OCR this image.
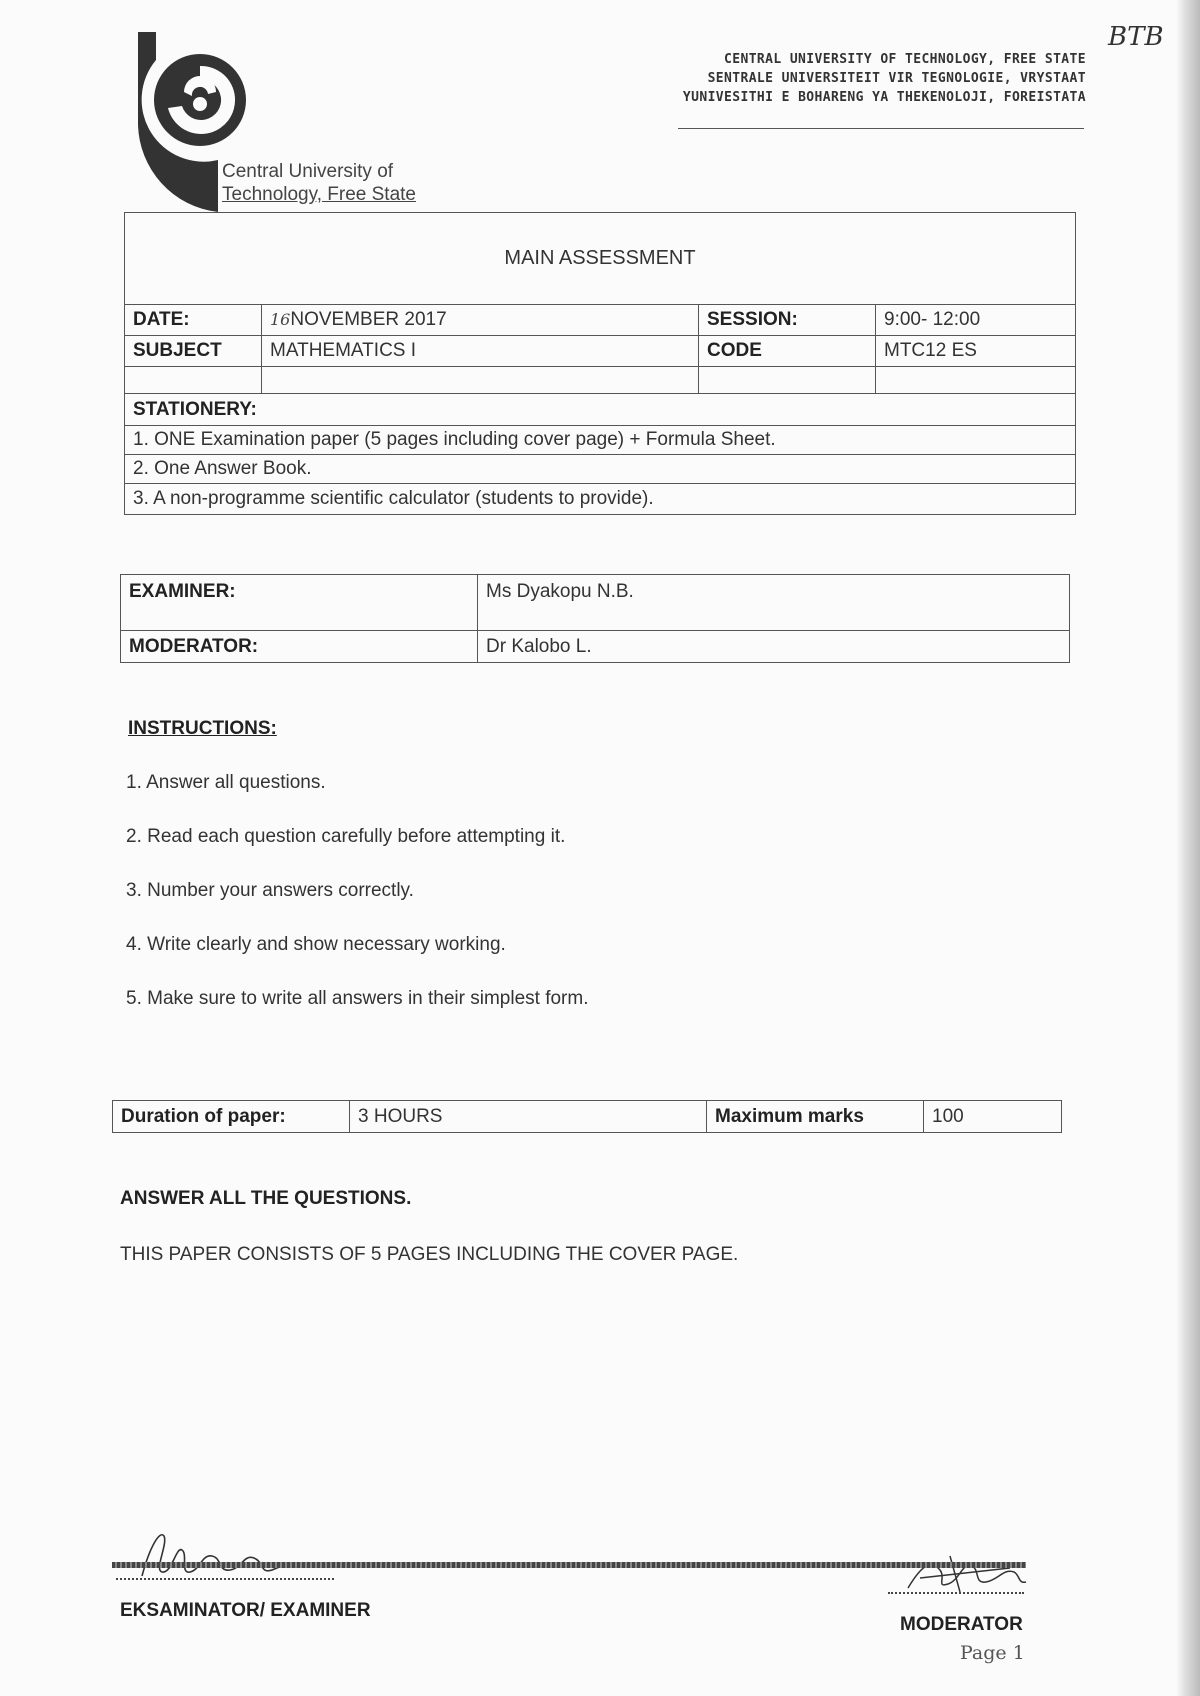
BTB
Central University of
Technology, Free State
CENTRAL UNIVERSITY OF TECHNOLOGY, FREE STATE
SENTRALE UNIVERSITEIT VIR TEGNOLOGIE, VRYSTAAT
YUNIVESITHI E BOHARENG YA THEKENOLOJI, FOREISTATA
MAIN ASSESSMENT			
DATE:	16NOVEMBER 2017	SESSION:	9:00- 12:00
SUBJECT	MATHEMATICS I	CODE	MTC12 ES

STATIONERY:			
1. ONE Examination paper (5 pages including cover page) + Formula Sheet.			
2. One Answer Book.			
3. A non-programme scientific calculator (students to provide).			
EXAMINER:	Ms Dyakopu N.B.
MODERATOR:	Dr Kalobo L.
INSTRUCTIONS:
1. Answer all questions.
2. Read each question carefully before attempting it.
3. Number your answers correctly.
4. Write clearly and show necessary working.
5. Make sure to write all answers in their simplest form.
Duration of paper:	3 HOURS	Maximum marks	100
ANSWER ALL THE QUESTIONS.
THIS PAPER CONSISTS OF 5 PAGES INCLUDING THE COVER PAGE.
EKSAMINATOR/ EXAMINER
MODERATOR
Page 1
